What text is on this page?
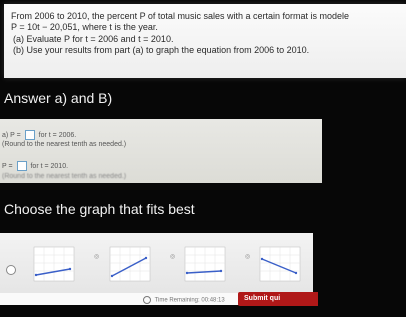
From 2006 to 2010, the percent P of total music sales with a certain format is modele

P = 10t − 20,051, where t is the year.

(a) Evaluate P for t = 2006 and t = 2010.

(b) Use your results from part (a) to graph the equation from 2006 to 2010.

Answer a) and B)
a) P =	for t = 2006.
(Round to the nearest tenth as needed.)
P =	for t = 2010.
(Round to the nearest tenth as needed.)
Choose the graph that fits best
◎	◎	◎
Time Remaining: 00:48:13	Submit qui
